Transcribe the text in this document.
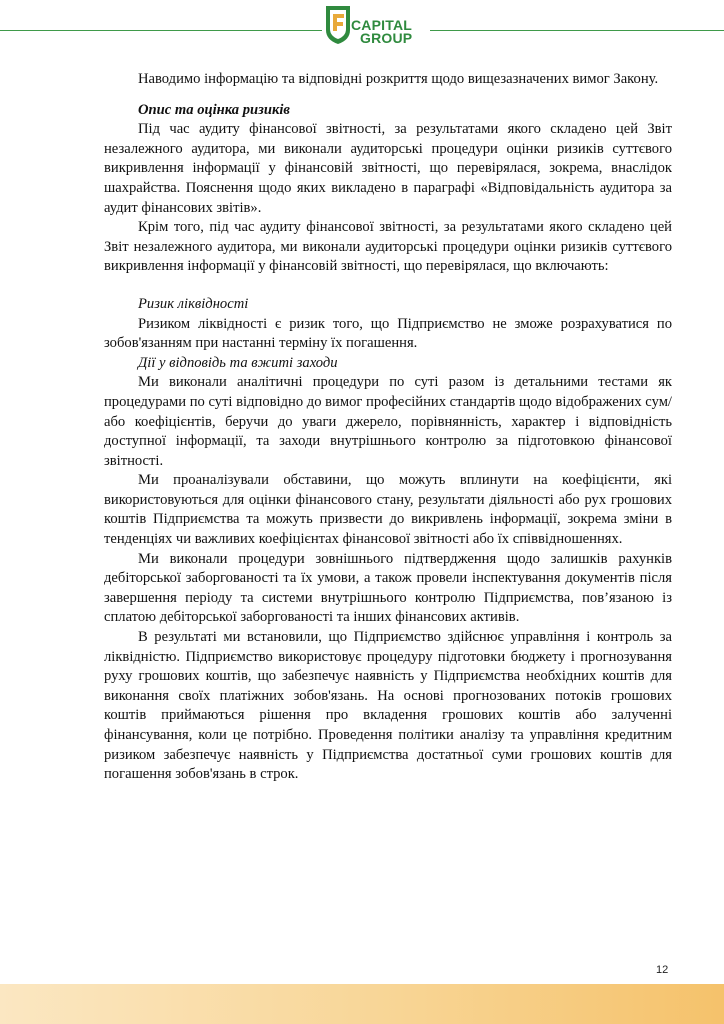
CAPITAL
GROUP

Наводимо інформацію та відповідні розкриття щодо вищезазначених вимог Закону.

Опис та оцінка ризиків

Під час аудиту фінансової звітності, за результатами якого складено цей Звіт незалежного аудитора, ми виконали аудиторські процедури оцінки ризиків суттєвого викривлення інформації у фінансовій звітності, що перевірялася, зокрема, внаслідок шахрайства. Пояснення щодо яких викладено в параграфі «Відповідальність аудитора за аудит фінансових звітів».

Крім того, під час аудиту фінансової звітності, за результатами якого складено цей Звіт незалежного аудитора, ми виконали аудиторські процедури оцінки ризиків суттєвого викривлення інформації у фінансовій звітності, що перевірялася, що включають:

Ризик ліквідності

Ризиком ліквідності є ризик того, що Підприємство не зможе розрахуватися по зобов'язанням при настанні терміну їх погашення.

Дії у відповідь та вжиті заходи

Ми виконали аналітичні процедури по суті разом із детальними тестами як процедурами по суті відповідно до вимог професійних стандартів щодо відображених сум/або коефіцієнтів, беручи до уваги джерело, порівнянність, характер і відповідність доступної інформації, та заходи внутрішнього контролю за підготовкою фінансової звітності.

Ми проаналізували обставини, що можуть вплинути на коефіцієнти, які використовуються для оцінки фінансового стану, результати діяльності або рух грошових коштів Підприємства та можуть призвести до викривлень інформації, зокрема зміни в тенденціях чи важливих коефіцієнтах фінансової звітності або їх співвідношеннях.

Ми виконали процедури зовнішнього підтвердження щодо залишків рахунків дебіторської заборгованості та їх умови, а також провели інспектування документів після завершення періоду та системи внутрішнього контролю Підприємства, пов’язаною із сплатою дебіторської заборгованості та інших фінансових активів.

В результаті ми встановили, що Підприємство здійснює управління і контроль за ліквідністю. Підприємство використовує процедуру підготовки бюджету і прогнозування руху грошових коштів, що забезпечує наявність у Підприємства необхідних коштів для виконання своїх платіжних зобов'язань. На основі прогнозованих потоків грошових коштів приймаються рішення про вкладення грошових коштів або залученні фінансування, коли це потрібно. Проведення політики аналізу та управління кредитним ризиком забезпечує наявність у Підприємства достатньої суми грошових коштів для погашення зобов'язань в строк.

12
